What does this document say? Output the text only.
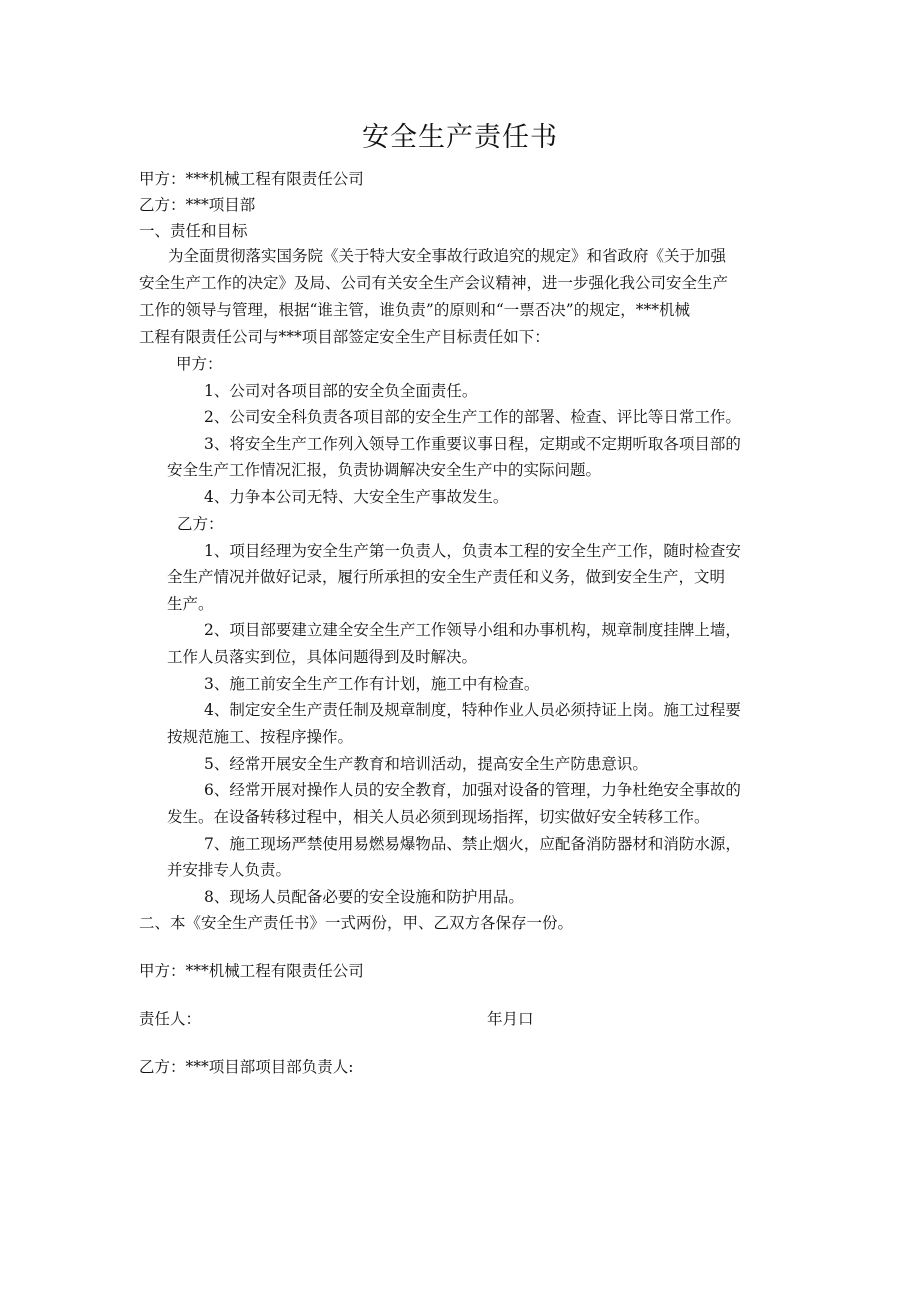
安全生产责任书
甲方：***机械工程有限责任公司
乙方：***项目部
一、责任和目标
为全面贯彻落实国务院《关于特大安全事故行政追究的规定》和省政府《关于加强
安全生产工作的决定》及局、公司有关安全生产会议精神，进一步强化我公司安全生产
工作的领导与管理，根据“谁主管，谁负责”的原则和“一票否决”的规定，***机械
工程有限责任公司与***项目部签定安全生产目标责任如下：
甲方：
1、公司对各项目部的安全负全面责任。
2、公司安全科负责各项目部的安全生产工作的部署、检查、评比等日常工作。
3、将安全生产工作列入领导工作重要议事日程，定期或不定期听取各项目部的
安全生产工作情况汇报，负责协调解决安全生产中的实际问题。
4、力争本公司无特、大安全生产事故发生。
乙方：
1、项目经理为安全生产第一负责人，负责本工程的安全生产工作，随时检查安
全生产情况并做好记录，履行所承担的安全生产责任和义务，做到安全生产，文明
生产。
2、项目部要建立建全安全生产工作领导小组和办事机构，规章制度挂牌上墙，
工作人员落实到位，具体问题得到及时解决。
3、施工前安全生产工作有计划，施工中有检查。
4、制定安全生产责任制及规章制度，特种作业人员必须持证上岗。施工过程要
按规范施工、按程序操作。
5、经常开展安全生产教育和培训活动，提高安全生产防患意识。
6、经常开展对操作人员的安全教育，加强对设备的管理，力争杜绝安全事故的
发生。在设备转移过程中，相关人员必须到现场指挥，切实做好安全转移工作。
7、施工现场严禁使用易燃易爆物品、禁止烟火，应配备消防器材和消防水源，
并安排专人负责。
8、现场人员配备必要的安全设施和防护用品。
二、本《安全生产责任书》一式两份，甲、乙双方各保存一份。
甲方：***机械工程有限责任公司
责任人：	年月口
乙方：***项目部项目部负责人:
